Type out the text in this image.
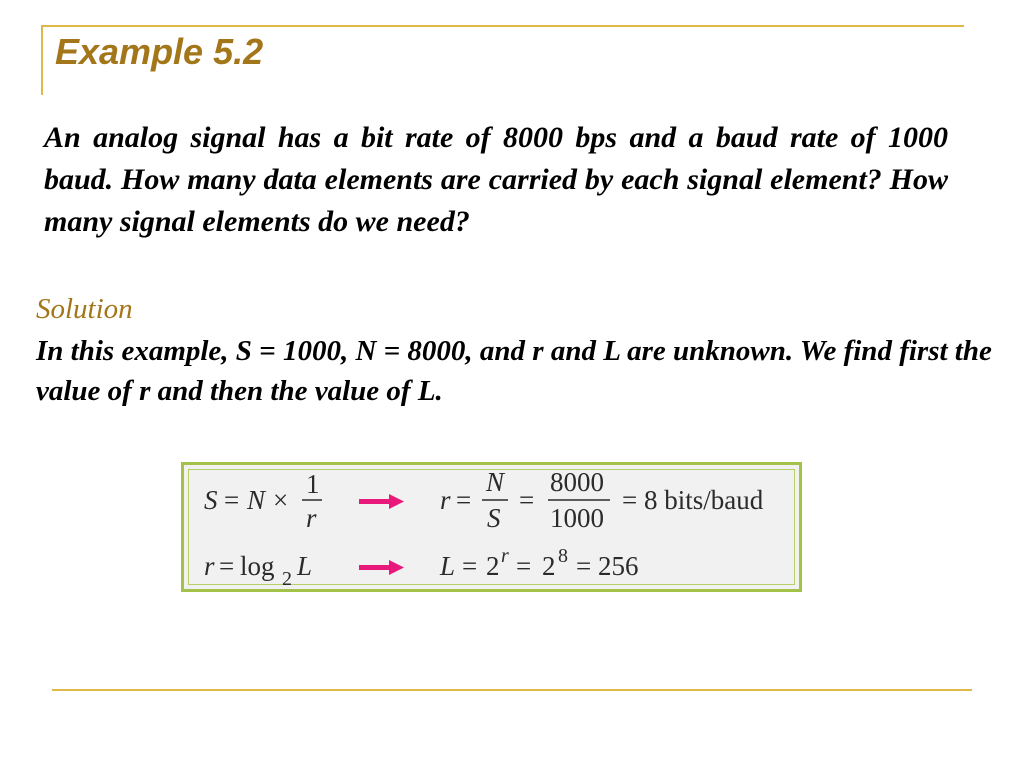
Example 5.2
An analog signal has a bit rate of 8000 bps and a baud rate of 1000 baud. How many data elements are carried by each signal element? How many signal elements do we need?
Solution
In this example, S = 1000, N = 8000, and r and L are unknown. We find first the value of r and then the value of L.
S = N ×
1
r
r =
N
S
=
8000
1000
= 8 bits/baud
r = log 2 L	L = 2 r = 2 8 = 256
